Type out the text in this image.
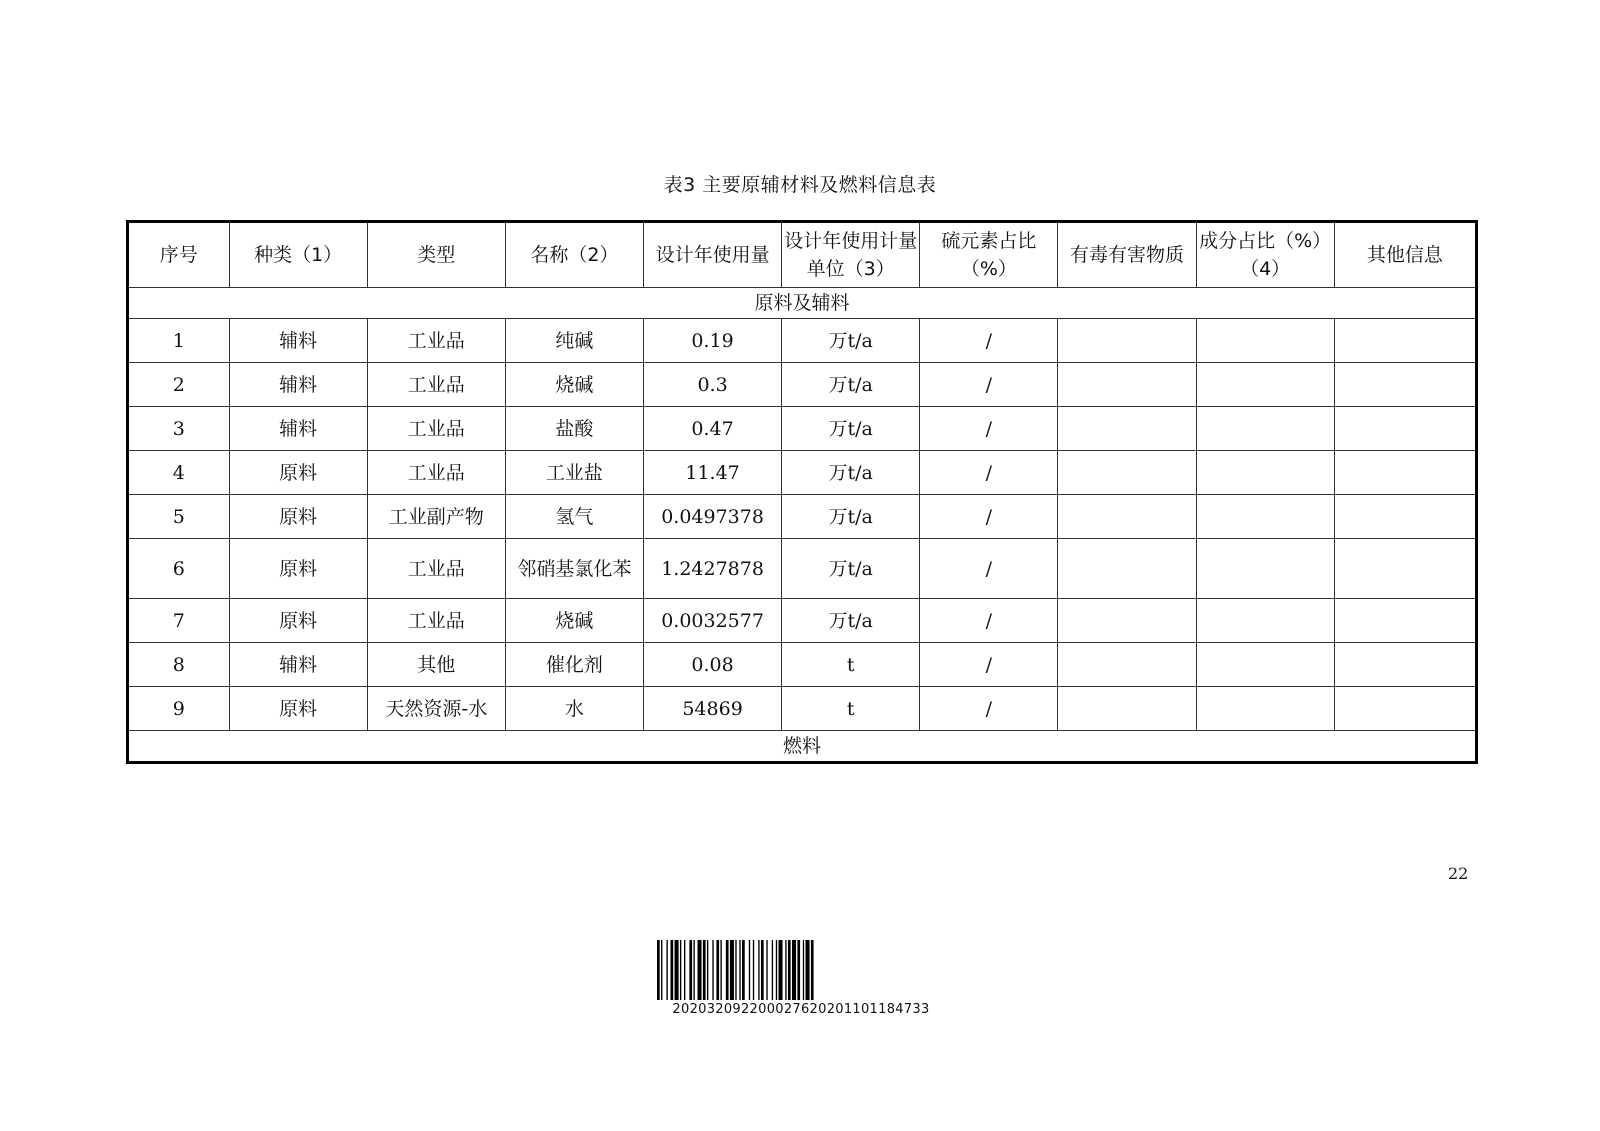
表3 主要原辅材料及燃料信息表
序号	种类（1）	类型	名称（2）	设计年使用量	设计年使用计量单位（3）	硫元素占比（%）	有毒有害物质	成分占比（%）（4）	其他信息
原料及辅料									
1	辅料	工业品	纯碱	0.19	万t/a	/			
2	辅料	工业品	烧碱	0.3	万t/a	/			
3	辅料	工业品	盐酸	0.47	万t/a	/			
4	原料	工业品	工业盐	11.47	万t/a	/			
5	原料	工业副产物	氢气	0.0497378	万t/a	/			
6	原料	工业品	邻硝基氯化苯	1.2427878	万t/a	/			
7	原料	工业品	烧碱	0.0032577	万t/a	/			
8	辅料	其他	催化剂	0.08	t	/			
9	原料	天然资源-水	水	54869	t	/			
燃料									
22
202032092200027620201101184733
